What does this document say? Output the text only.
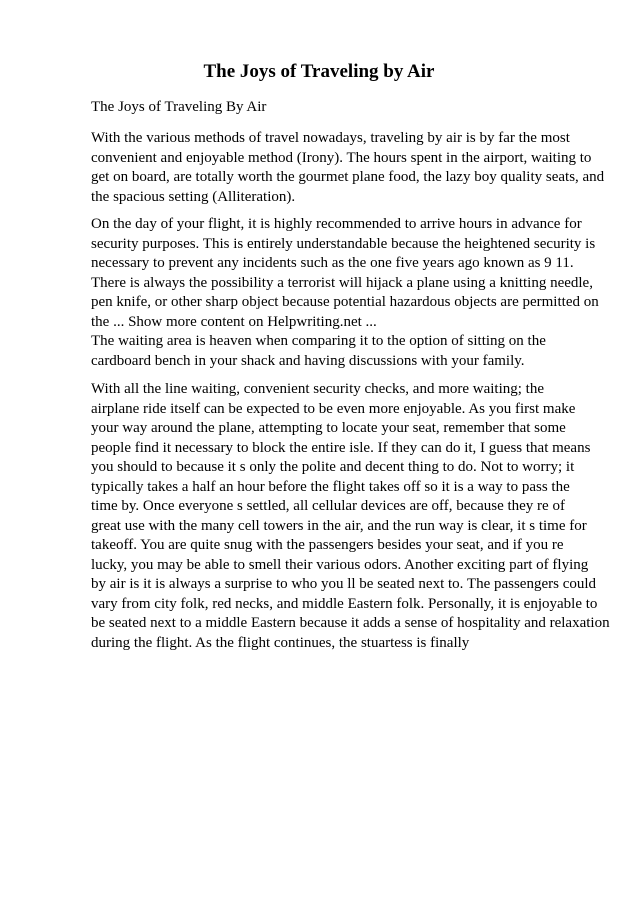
The Joys of Traveling by Air

The Joys of Traveling By Air

With the various methods of travel nowadays, traveling by air is by far the most
convenient and enjoyable method (Irony). The hours spent in the airport, waiting to
get on board, are totally worth the gourmet plane food, the lazy boy quality seats, and
the spacious setting (Alliteration).

On the day of your flight, it is highly recommended to arrive hours in advance for
security purposes. This is entirely understandable because the heightened security is
necessary to prevent any incidents such as the one five years ago known as 9 11.
There is always the possibility a terrorist will hijack a plane using a knitting needle,
pen knife, or other sharp object because potential hazardous objects are permitted on
the ... Show more content on Helpwriting.net ...
The waiting area is heaven when comparing it to the option of sitting on the
cardboard bench in your shack and having discussions with your family.

With all the line waiting, convenient security checks, and more waiting; the
airplane ride itself can be expected to be even more enjoyable. As you first make
your way around the plane, attempting to locate your seat, remember that some
people find it necessary to block the entire isle. If they can do it, I guess that means
you should to because it s only the polite and decent thing to do. Not to worry; it
typically takes a half an hour before the flight takes off so it is a way to pass the
time by. Once everyone s settled, all cellular devices are off, because they re of
great use with the many cell towers in the air, and the run way is clear, it s time for
takeoff. You are quite snug with the passengers besides your seat, and if you re
lucky, you may be able to smell their various odors. Another exciting part of flying
by air is it is always a surprise to who you ll be seated next to. The passengers could
vary from city folk, red necks, and middle Eastern folk. Personally, it is enjoyable to
be seated next to a middle Eastern because it adds a sense of hospitality and relaxation
during the flight. As the flight continues, the stuartess is finally
